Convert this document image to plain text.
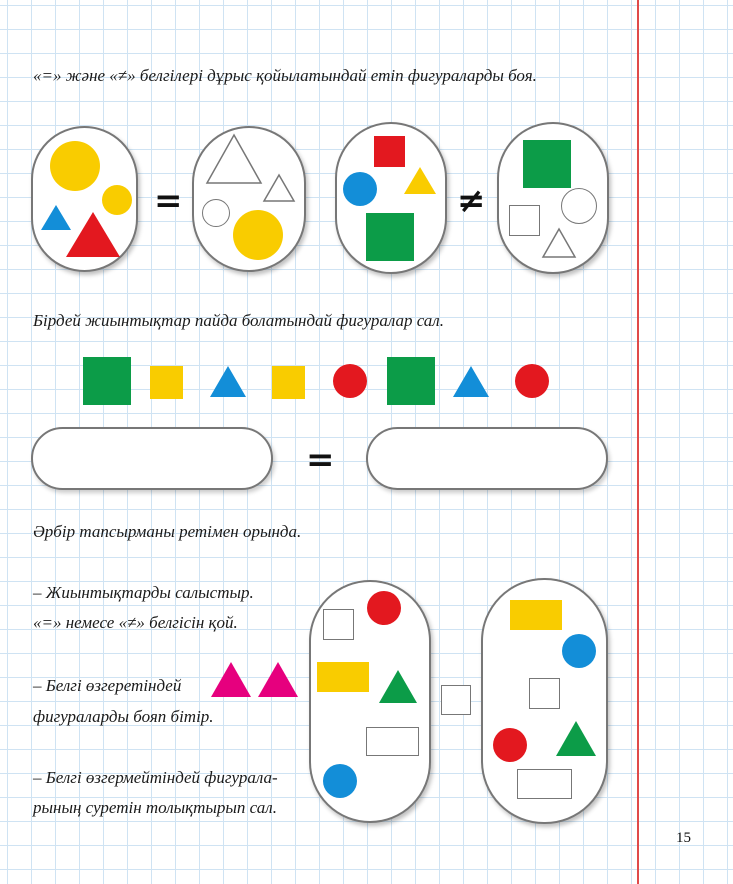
«=» және «≠» белгілері дұрыс қойылатындай етіп фигураларды боя.
=	≠
Бірдей жиынтықтар пайда болатындай фигуралар сал.
=
Әрбір тапсырманы ретімен орында.
– Жиынтықтарды салыстыр.
«=» немесе «≠» белгісін қой.
– Белгі өзгеретіндей
фигураларды бояп бітір.
– Белгі өзгермейтіндей фигурала-
рының суретін толықтырып сал.
15
